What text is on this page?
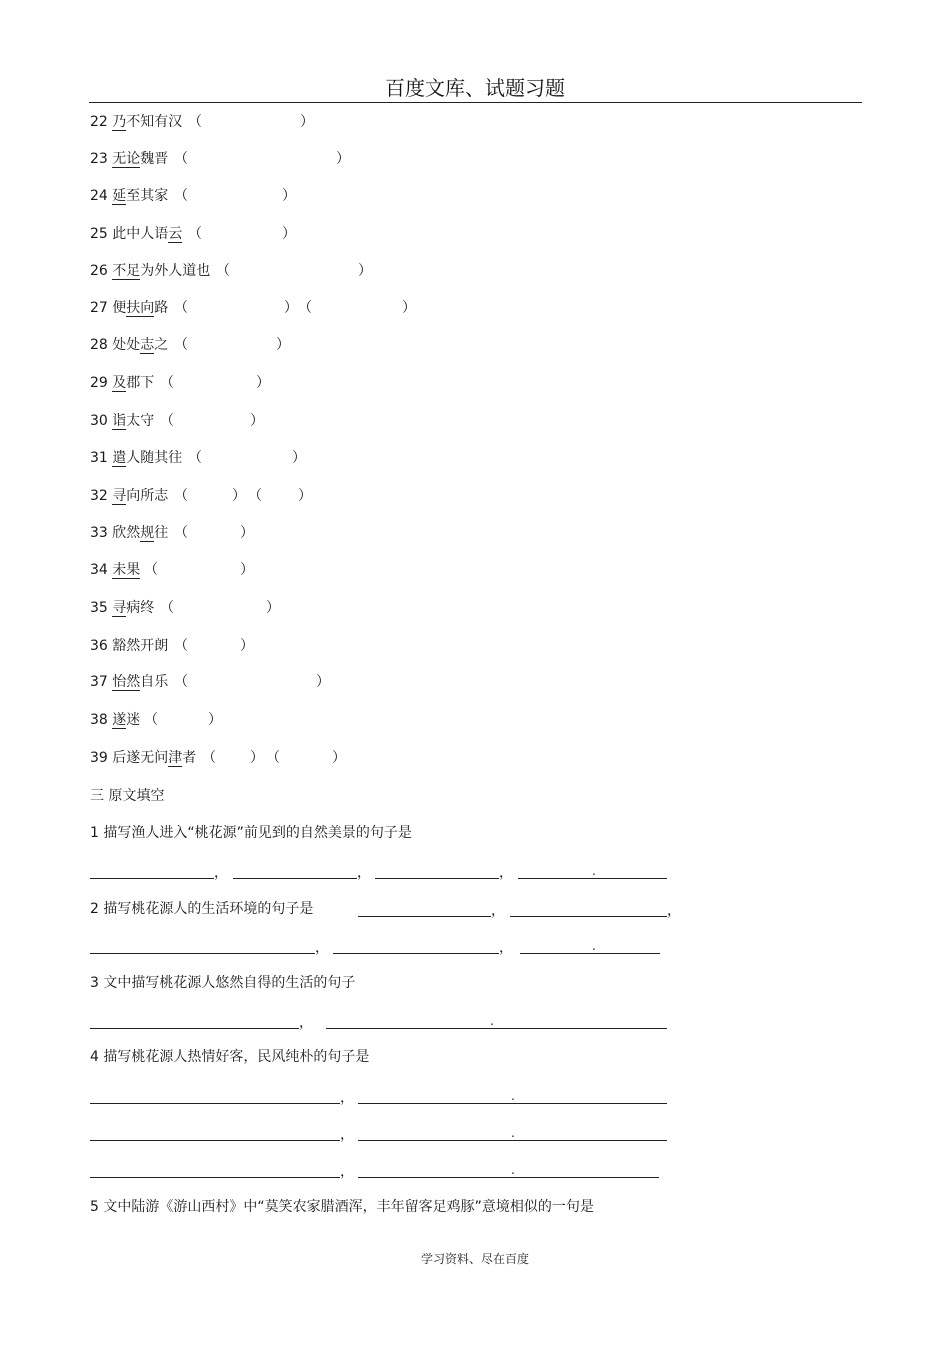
百度文库、试题习题
22 乃不知有汉 （	）
23 无论魏晋 （	）
24 延至其家 （	）
25 此中人语云 （	）
26 不足为外人道也 （	）
27 便扶向路 （	） （	）
28 处处志之 （	）
29 及郡下 （	）
30 诣太守 （	）
31 遣人随其往 （	）
32 寻向所志 （	） （	）
33 欣然规往 （	）
34 未果 （	）
35 寻病终 （	）
36 豁然开朗 （	）
37 怡然自乐 （	）
38 遂迷 （	）
39 后遂无问津者 （ ） （	）
三 原文填空
1 描写渔人进入“桃花源”前见到的自然美景的句子是
，	，	，	.
2 描写桃花源人的生活环境的句子是	，	，
，	，	.
3 文中描写桃花源人悠然自得的生活的句子
，	.
4 描写桃花源人热情好客，民风纯朴的句子是
，	.
，	.
，	.
5 文中陆游《游山西村》中“莫笑农家腊酒浑，丰年留客足鸡豚”意境相似的一句是
学习资料、尽在百度
